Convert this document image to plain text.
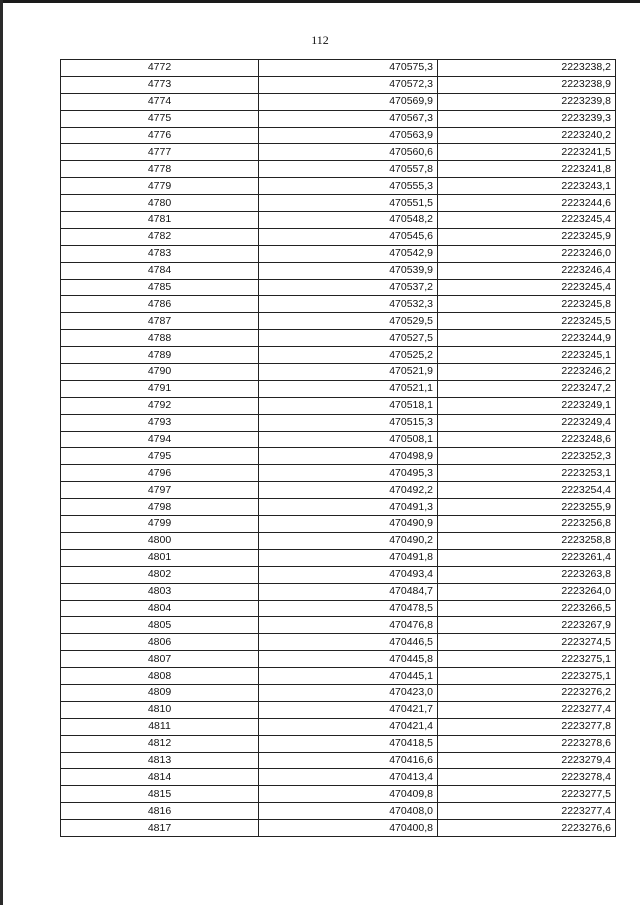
112
4772	470575,3	2223238,2
4773	470572,3	2223238,9
4774	470569,9	2223239,8
4775	470567,3	2223239,3
4776	470563,9	2223240,2
4777	470560,6	2223241,5
4778	470557,8	2223241,8
4779	470555,3	2223243,1
4780	470551,5	2223244,6
4781	470548,2	2223245,4
4782	470545,6	2223245,9
4783	470542,9	2223246,0
4784	470539,9	2223246,4
4785	470537,2	2223245,4
4786	470532,3	2223245,8
4787	470529,5	2223245,5
4788	470527,5	2223244,9
4789	470525,2	2223245,1
4790	470521,9	2223246,2
4791	470521,1	2223247,2
4792	470518,1	2223249,1
4793	470515,3	2223249,4
4794	470508,1	2223248,6
4795	470498,9	2223252,3
4796	470495,3	2223253,1
4797	470492,2	2223254,4
4798	470491,3	2223255,9
4799	470490,9	2223256,8
4800	470490,2	2223258,8
4801	470491,8	2223261,4
4802	470493,4	2223263,8
4803	470484,7	2223264,0
4804	470478,5	2223266,5
4805	470476,8	2223267,9
4806	470446,5	2223274,5
4807	470445,8	2223275,1
4808	470445,1	2223275,1
4809	470423,0	2223276,2
4810	470421,7	2223277,4
4811	470421,4	2223277,8
4812	470418,5	2223278,6
4813	470416,6	2223279,4
4814	470413,4	2223278,4
4815	470409,8	2223277,5
4816	470408,0	2223277,4
4817	470400,8	2223276,6
